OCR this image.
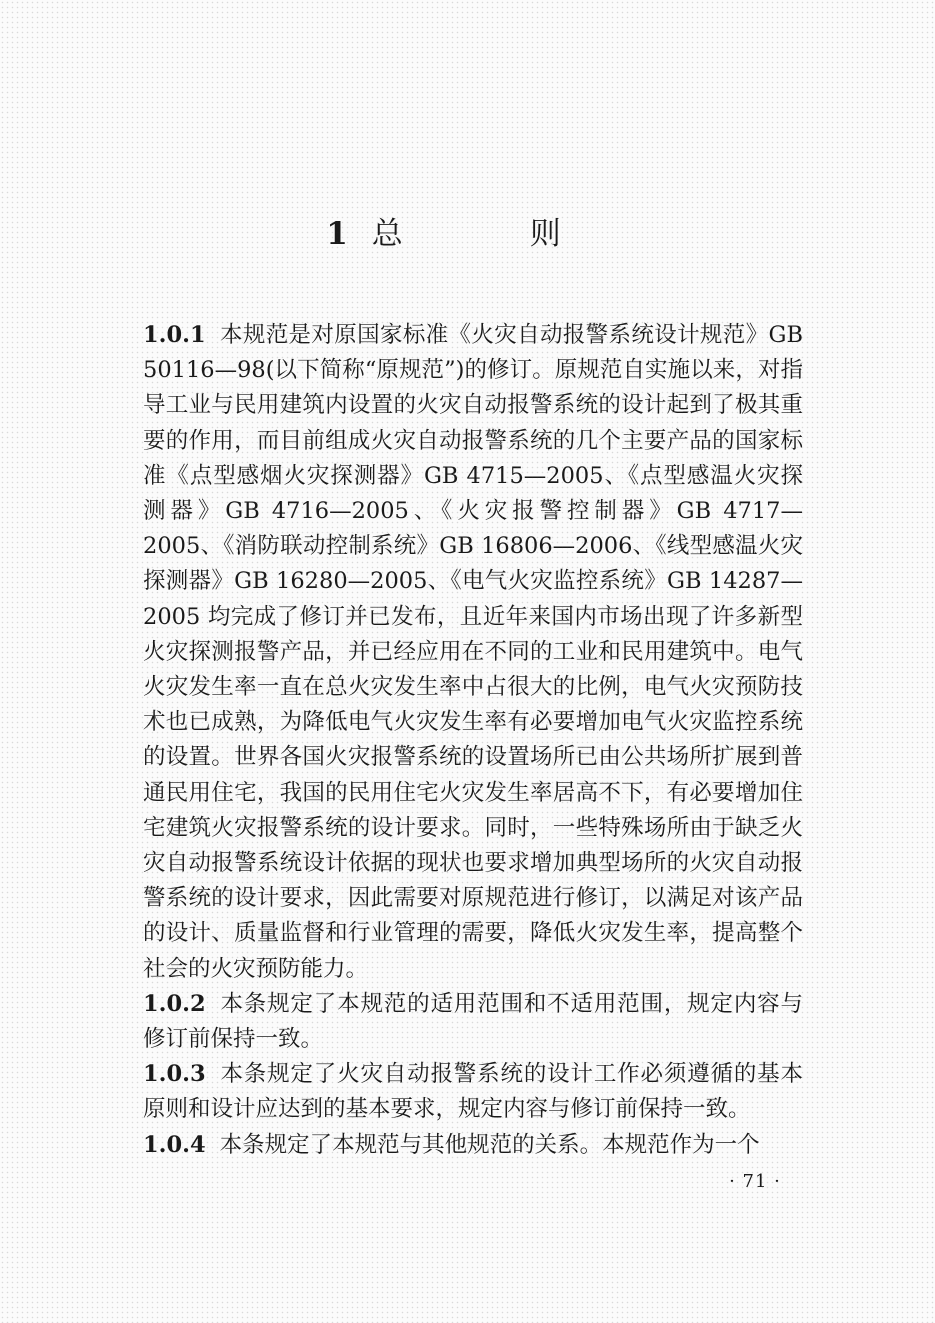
1 总　则

1.0.1 本规范是对原国家标准《火灾自动报警系统设计规范》GB 50116—98(以下简称“原规范”)的修订。原规范自实施以来，对指导工业与民用建筑内设置的火灾自动报警系统的设计起到了极其重要的作用，而目前组成火灾自动报警系统的几个主要产品的国家标准《点型感烟火灾探测器》GB 4715—2005、《点型感温火灾探测器》GB 4716—2005、《火灾报警控制器》GB 4717—2005、《消防联动控制系统》GB 16806—2006、《线型感温火灾探测器》GB 16280—2005、《电气火灾监控系统》GB 14287—2005 均完成了修订并已发布，且近年来国内市场出现了许多新型火灾探测报警产品，并已经应用在不同的工业和民用建筑中。电气火灾发生率一直在总火灾发生率中占很大的比例，电气火灾预防技术也已成熟，为降低电气火灾发生率有必要增加电气火灾监控系统的设置。世界各国火灾报警系统的设置场所已由公共场所扩展到普通民用住宅，我国的民用住宅火灾发生率居高不下，有必要增加住宅建筑火灾报警系统的设计要求。同时，一些特殊场所由于缺乏火灾自动报警系统设计依据的现状也要求增加典型场所的火灾自动报警系统的设计要求，因此需要对原规范进行修订，以满足对该产品的设计、质量监督和行业管理的需要，降低火灾发生率，提高整个社会的火灾预防能力。

1.0.2 本条规定了本规范的适用范围和不适用范围，规定内容与修订前保持一致。

1.0.3 本条规定了火灾自动报警系统的设计工作必须遵循的基本原则和设计应达到的基本要求，规定内容与修订前保持一致。

1.0.4 本条规定了本规范与其他规范的关系。本规范作为一个

· 71 ·
